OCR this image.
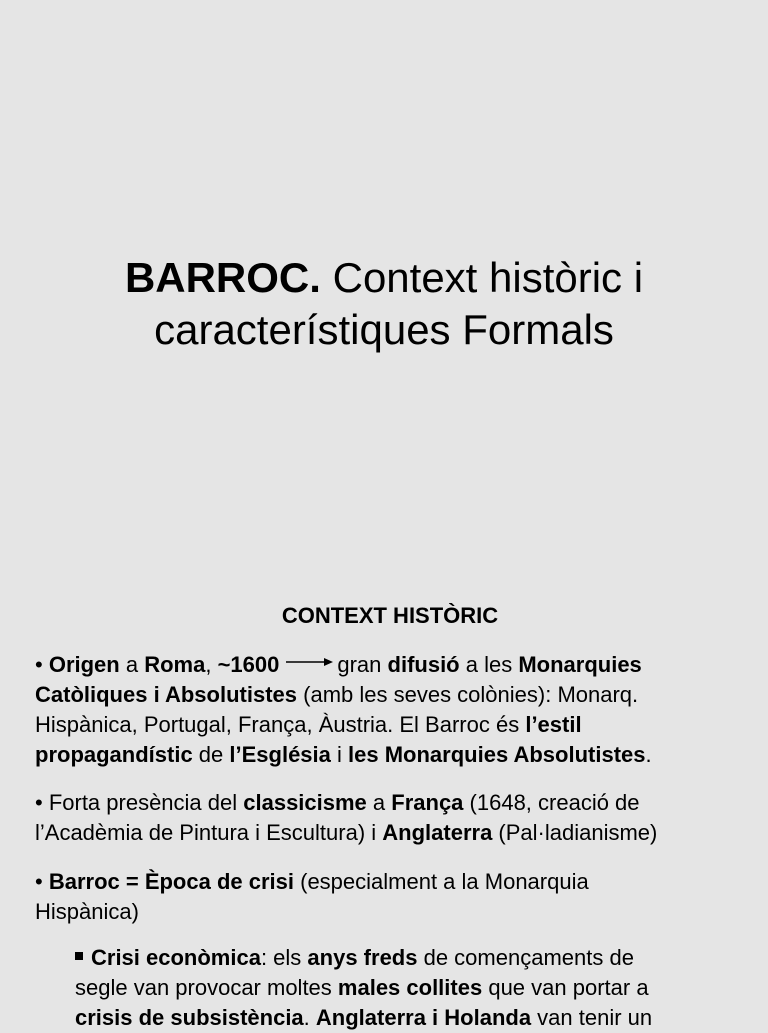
BARROC. Context històric i
característiques Formals
CONTEXT HISTÒRIC

• Origen a Roma, ~1600	gran difusió a les Monarquies
Catòliques i Absolutistes (amb les seves colònies): Monarq.
Hispànica, Portugal, França, Àustria. El Barroc és l’estil
propagandístic de l’Església i les Monarquies Absolutistes.

• Forta presència del classicisme a França (1648, creació de
l’Acadèmia de Pintura i Escultura) i Anglaterra (Pal·ladianisme)

• Barroc = Època de crisi (especialment a la Monarquia
Hispànica)

Crisi econòmica: els anys freds de començaments de
segle van provocar moltes males collites que van portar a
crisis de subsistència. Anglaterra i Holanda van tenir un
